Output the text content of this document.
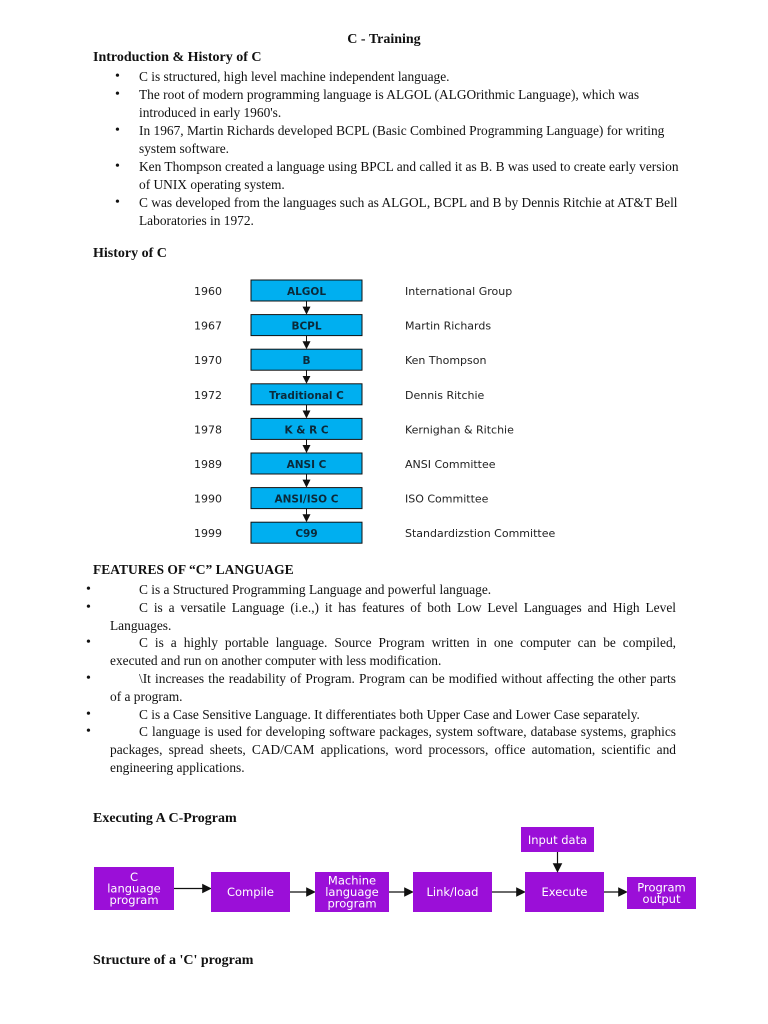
C - Training
Introduction & History of C
• C is structured, high level machine independent language.
• The root of modern programming language is ALGOL (ALGOrithmic Language), which was introduced in early 1960's.
• In 1967, Martin Richards developed BCPL (Basic Combined Programming Language) for writing system software.
• Ken Thompson created a language using BPCL and called it as B. B was used to create early version of UNIX operating system.
• C was developed from the languages such as ALGOL, BCPL and B by Dennis Ritchie at AT&T Bell Laboratories in 1972.
History of C
1960	ALGOL	International Group
1967	BCPL	Martin Richards
1970	B	Ken Thompson
1972	Traditional C	Dennis Ritchie
1978	K & R C	Kernighan & Ritchie
1989	ANSI C	ANSI Committee
1990	ANSI/ISO C	ISO Committee
1999	C99	Standardizstion Committee
FEATURES OF “C” LANGUAGE
• C is a Structured Programming Language and powerful language.
• C is a versatile Language (i.e.,) it has features of both Low Level Languages and High Level Languages.
• C is a highly portable language. Source Program written in one computer can be compiled, executed and run on another computer with less modification.
• \It increases the readability of Program. Program can be modified without affecting the other parts of a program.
• C is a Case Sensitive Language. It differentiates both Upper Case and Lower Case separately.
• C language is used for developing software packages, system software, database systems, graphics packages, spread sheets, CAD/CAM applications, word processors, office automation, scientific and engineering applications.
Executing A C-Program
C language program
Compile
Machine language program
Link/load	Execute	Program output
Input data
Structure of a 'C' program
